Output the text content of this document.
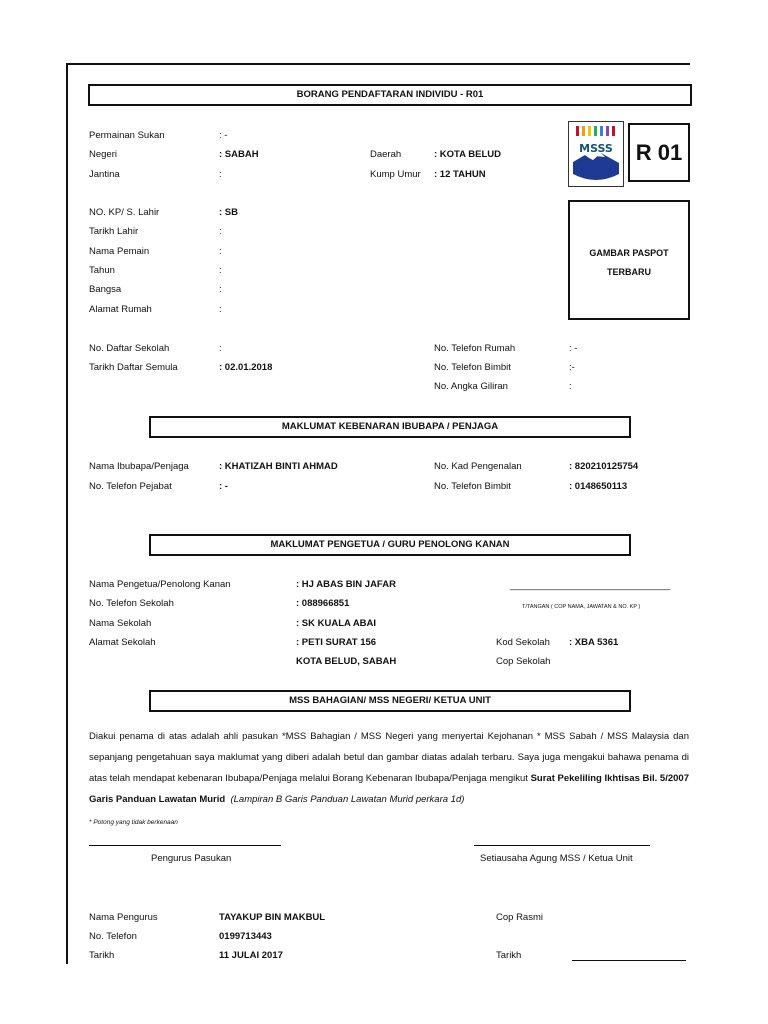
BORANG PENDAFTARAN INDIVIDU - R01
Permainan Sukan	: -
Negeri	: SABAH	Daerah	: KOTA BELUD
Jantina	:	Kump Umur : 12 TAHUN
NO. KP/ S. Lahir	: SB
Tarikh Lahir	:
Nama Pemain	:
Tahun	:
Bangsa	:
Alamat Rumah	:
No. Daftar Sekolah	:
Tarikh Daftar Semula	: 02.01.2018
No. Telefon Rumah	: -
No. Telefon Bimbit	:-
No. Angka Giliran	:
MSSS	R 01
GAMBAR PASPOT
TERBARU
MAKLUMAT KEBENARAN IBUBAPA / PENJAGA
Nama Ibubapa/Penjaga	: KHATIZAH BINTI AHMAD
No. Telefon Pejabat	: -
No. Kad Pengenalan	: 820210125754
No. Telefon Bimbit	: 0148650113
MAKLUMAT PENGETUA / GURU PENOLONG KANAN
Nama Pengetua/Penolong Kanan	: HJ ABAS BIN JAFAR
No. Telefon Sekolah	: 088966851
Nama Sekolah	: SK KUALA ABAI
Alamat Sekolah	: PETI SURAT 156
KOTA BELUD, SABAH
________________________________
T/TANGAN ( COP NAMA, JAWATAN & NO. KP )
Kod Sekolah : XBA 5361
Cop Sekolah
MSS BAHAGIAN/ MSS NEGERI/ KETUA UNIT
Diakui penama di atas adalah ahli pasukan *MSS Bahagian / MSS Negeri yang menyertai Kejohanan * MSS Sabah / MSS Malaysia dan sepanjang pengetahuan saya maklumat yang diberi adalah betul dan gambar diatas adalah terbaru. Saya juga mengakui bahawa penama di atas telah mendapat kebenaran Ibubapa/Penjaga melalui Borang Kebenaran Ibubapa/Penjaga mengikut Surat Pekeliling Ikhtisas Bil. 5/2007 Garis Panduan Lawatan Murid (Lampiran B Garis Panduan Lawatan Murid perkara 1d)
* Potong yang tidak berkenaan
Pengurus Pasukan	Setiausaha Agung MSS / Ketua Unit
Nama Pengurus	TAYAKUP BIN MAKBUL
No. Telefon	0199713443
Tarikh	11 JULAI 2017
Cop Rasmi
Tarikh
